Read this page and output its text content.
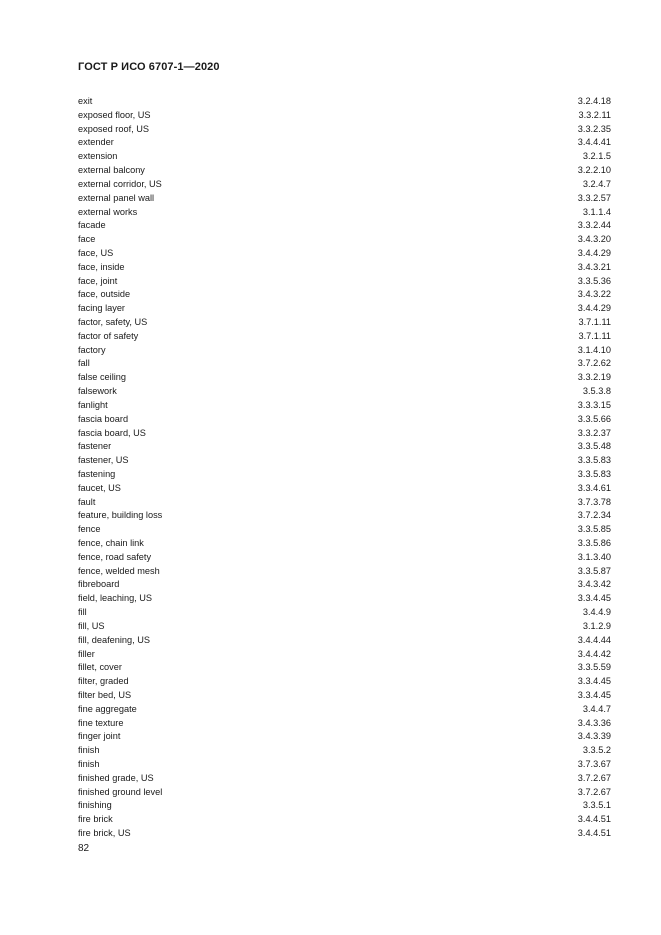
ГОСТ Р ИСО 6707-1—2020
exit	3.2.4.18
exposed floor, US	3.3.2.11
exposed roof, US	3.3.2.35
extender	3.4.4.41
extension	3.2.1.5
external balcony	3.2.2.10
external corridor, US	3.2.4.7
external panel wall	3.3.2.57
external works	3.1.1.4
facade	3.3.2.44
face	3.4.3.20
face, US	3.4.4.29
face, inside	3.4.3.21
face, joint	3.3.5.36
face, outside	3.4.3.22
facing layer	3.4.4.29
factor, safety, US	3.7.1.11
factor of safety	3.7.1.11
factory	3.1.4.10
fall	3.7.2.62
false ceiling	3.3.2.19
falsework	3.5.3.8
fanlight	3.3.3.15
fascia board	3.3.5.66
fascia board, US	3.3.2.37
fastener	3.3.5.48
fastener, US	3.3.5.83
fastening	3.3.5.83
faucet, US	3.3.4.61
fault	3.7.3.78
feature, building loss	3.7.2.34
fence	3.3.5.85
fence, chain link	3.3.5.86
fence, road safety	3.1.3.40
fence, welded mesh	3.3.5.87
fibreboard	3.4.3.42
field, leaching, US	3.3.4.45
fill	3.4.4.9
fill, US	3.1.2.9
fill, deafening, US	3.4.4.44
filler	3.4.4.42
fillet, cover	3.3.5.59
filter, graded	3.3.4.45
filter bed, US	3.3.4.45
fine aggregate	3.4.4.7
fine texture	3.4.3.36
finger joint	3.4.3.39
finish	3.3.5.2
finish	3.7.3.67
finished grade, US	3.7.2.67
finished ground level	3.7.2.67
finishing	3.3.5.1
fire brick	3.4.4.51
fire brick, US	3.4.4.51
82
